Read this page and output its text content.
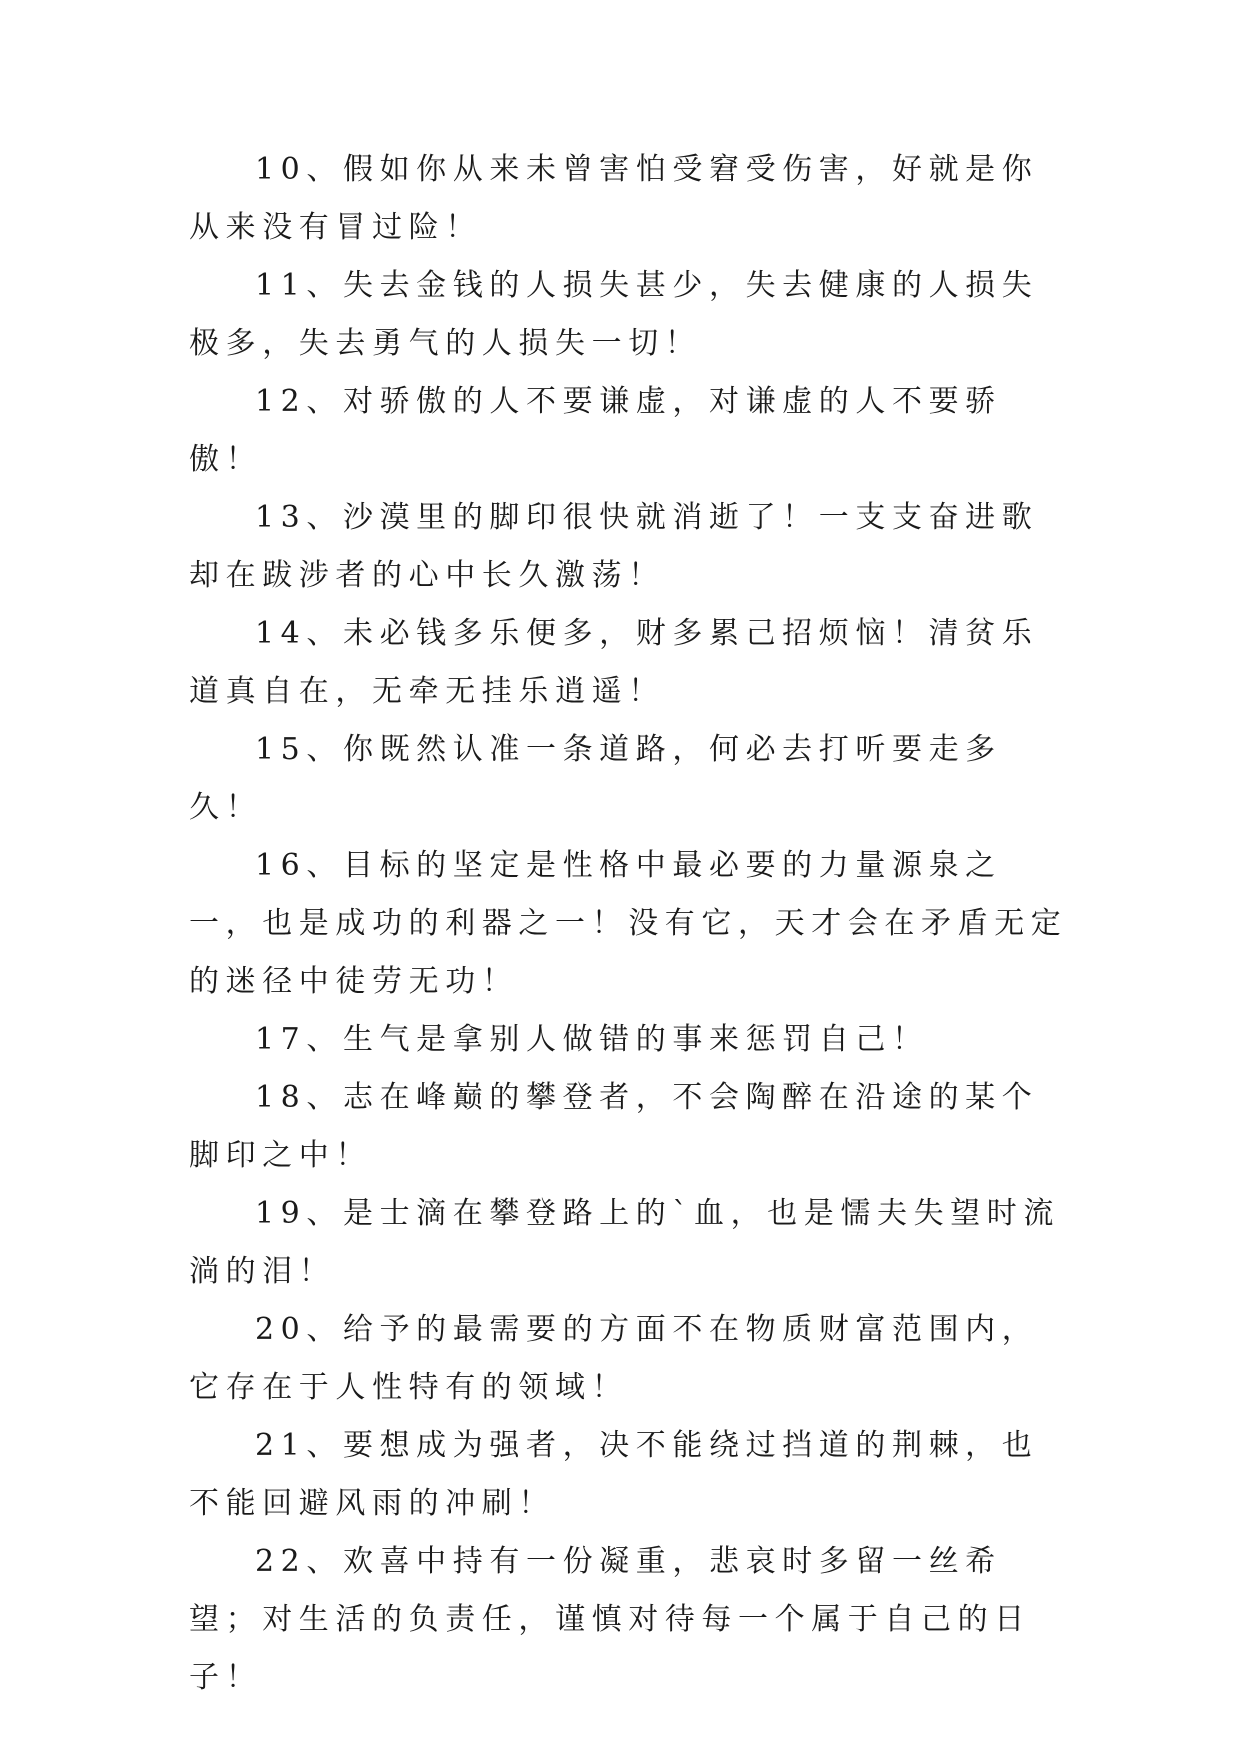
10、假如你从来未曾害怕受窘受伤害，好就是你从来没有冒过险！

11、失去金钱的人损失甚少，失去健康的人损失极多，失去勇气的人损失一切！

12、对骄傲的人不要谦虚，对谦虚的人不要骄傲！

13、沙漠里的脚印很快就消逝了！一支支奋进歌却在跋涉者的心中长久激荡！

14、未必钱多乐便多，财多累己招烦恼！清贫乐道真自在，无牵无挂乐逍遥！

15、你既然认准一条道路，何必去打听要走多久！

16、目标的坚定是性格中最必要的力量源泉之一，也是成功的利器之一！没有它，天才会在矛盾无定的迷径中徒劳无功！

17、生气是拿别人做错的事来惩罚自己！

18、志在峰巅的攀登者，不会陶醉在沿途的某个脚印之中！

19、是士滴在攀登路上的`血，也是懦夫失望时流淌的泪！

20、给予的最需要的方面不在物质财富范围内，它存在于人性特有的领域！

21、要想成为强者，决不能绕过挡道的荆棘，也不能回避风雨的冲刷！

22、欢喜中持有一份凝重，悲哀时多留一丝希望；对生活的负责任，谨慎对待每一个属于自己的日子！
